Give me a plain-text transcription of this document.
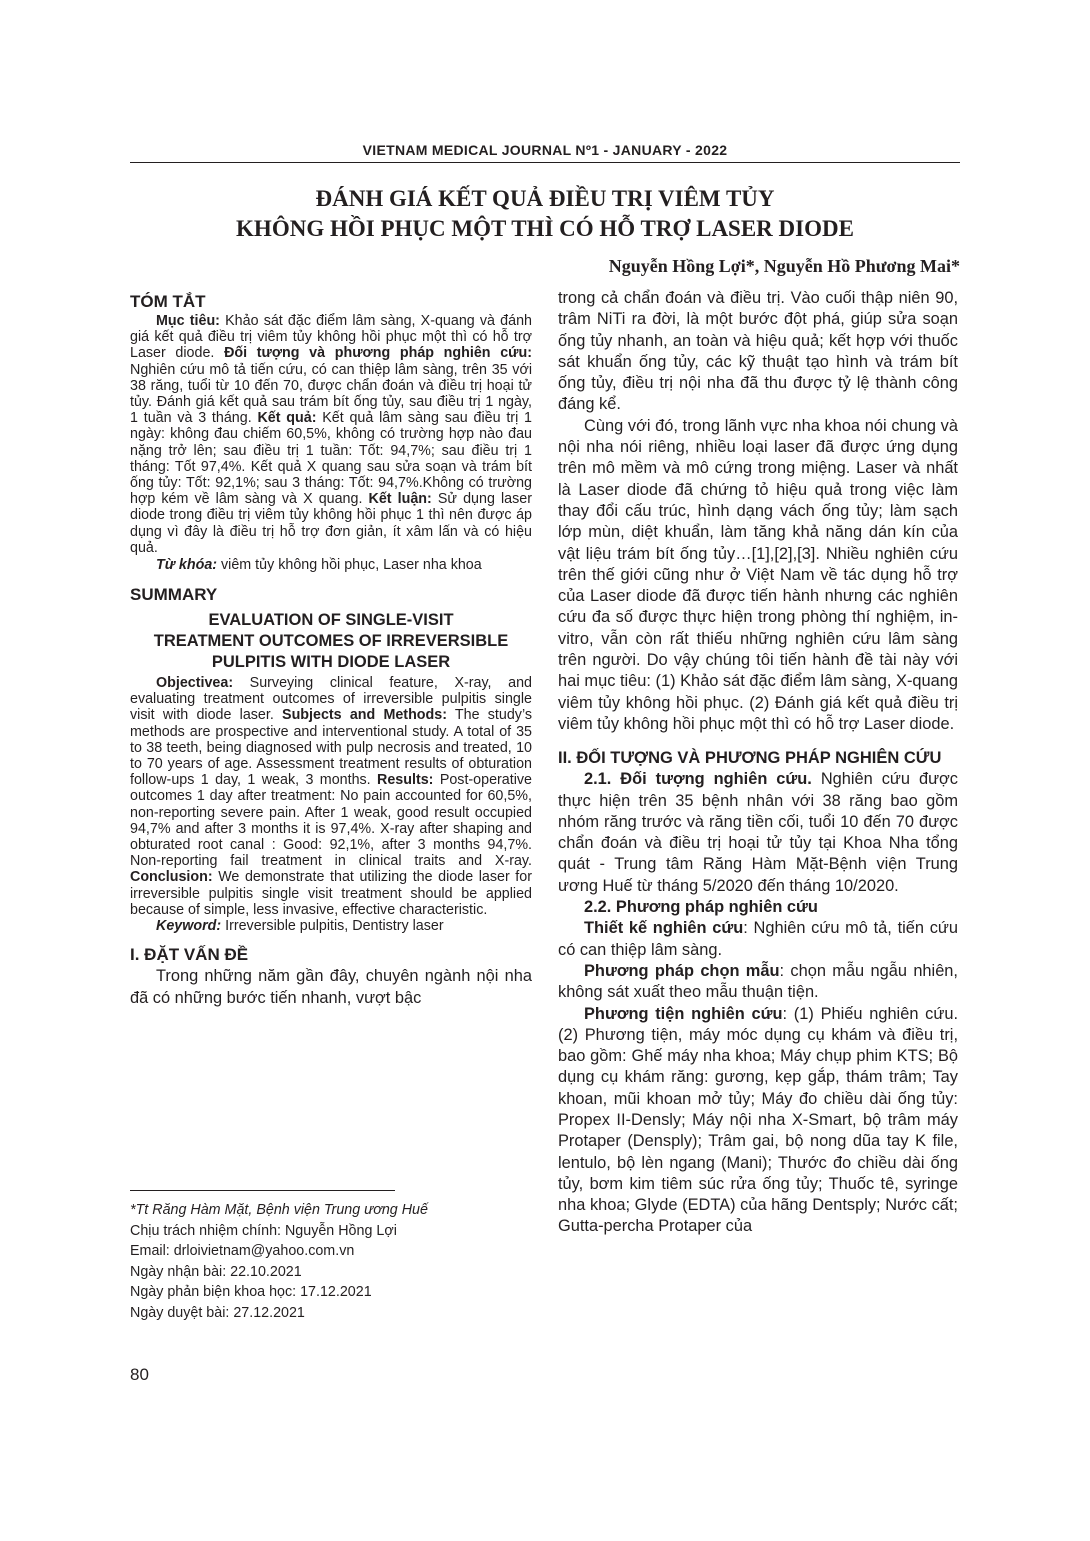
VIETNAM MEDICAL JOURNAL Nº1 - JANUARY - 2022
ĐÁNH GIÁ KẾT QUẢ ĐIỀU TRỊ VIÊM TỦY
KHÔNG HỒI PHỤC MỘT THÌ CÓ HỖ TRỢ LASER DIODE
Nguyễn Hồng Lợi*, Nguyễn Hồ Phương Mai*
TÓM TẮT

Mục tiêu: Khảo sát đặc điểm lâm sàng, X-quang và đánh giá kết quả điều trị viêm tủy không hồi phục một thì có hỗ trợ Laser diode. Đối tượng và phương pháp nghiên cứu: Nghiên cứu mô tả tiến cứu, có can thiệp lâm sàng, trên 35 với 38 răng, tuổi từ 10 đến 70, được chẩn đoán và điều trị hoại tử tủy. Đánh giá kết quả sau trám bít ống tủy, sau điều trị 1 ngày, 1 tuần và 3 tháng. Kết quả: Kết quả lâm sàng sau điều trị 1 ngày: không đau chiếm 60,5%, không có trường hợp nào đau nặng trở lên; sau điều trị 1 tuần: Tốt: 94,7%; sau điều trị 1 tháng: Tốt 97,4%. Kết quả X quang sau sửa soạn và trám bít ống tủy: Tốt: 92,1%; sau 3 tháng: Tốt: 94,7%.Không có trường hợp kém về lâm sàng và X quang. Kết luận: Sử dụng laser diode trong điều trị viêm tủy không hồi phục 1 thì nên được áp dụng vì đây là điều trị hỗ trợ đơn giản, ít xâm lấn và có hiệu quả.

Từ khóa: viêm tủy không hồi phục, Laser nha khoa

SUMMARY
EVALUATION OF SINGLE-VISIT
TREATMENT OUTCOMES OF IRREVERSIBLE
PULPITIS WITH DIODE LASER

Objectivea: Surveying clinical feature, X-ray, and evaluating treatment outcomes of irreversible pulpitis single visit with diode laser. Subjects and Methods: The study’s methods are prospective and interventional study. A total of 35 to 38 teeth, being diagnosed with pulp necrosis and treated, 10 to 70 years of age. Assessment treatment results of obturation follow-ups 1 day, 1 weak, 3 months. Results: Post-operative outcomes 1 day after treatment: No pain accounted for 60,5%, non-reporting severe pain. After 1 weak, good result occupied 94,7% and after 3 months it is 97,4%. X-ray after shaping and obturated root canal : Good: 92,1%, after 3 months 94,7%. Non-reporting fail treatment in clinical traits and X-ray. Conclusion: We demonstrate that utilizing the diode laser for irreversible pulpitis single visit treatment should be applied because of simple, less invasive, effective characteristic.

Keyword: Irreversible pulpitis, Dentistry laser

I. ĐẶT VẤN ĐỀ

Trong những năm gần đây, chuyên ngành nội nha đã có những bước tiến nhanh, vượt bậc

*Tt Răng Hàm Mặt, Bệnh viện Trung ương Huế
Chịu trách nhiệm chính: Nguyễn Hồng Lợi
Email: drloivietnam@yahoo.com.vn
Ngày nhận bài: 22.10.2021
Ngày phản biện khoa học: 17.12.2021
Ngày duyệt bài: 27.12.2021
80

trong cả chẩn đoán và điều trị. Vào cuối thập niên 90, trâm NiTi ra đời, là một bước đột phá, giúp sửa soạn ống tủy nhanh, an toàn và hiệu quả; kết hợp với thuốc sát khuẩn ống tủy, các kỹ thuật tạo hình và trám bít ống tủy, điều trị nội nha đã thu được tỷ lệ thành công đáng kể.

Cùng với đó, trong lãnh vực nha khoa nói chung và nội nha nói riêng, nhiều loại laser đã được ứng dụng trên mô mềm và mô cứng trong miệng. Laser và nhất là Laser diode đã chứng tỏ hiệu quả trong việc làm thay đổi cấu trúc, hình dạng vách ống tủy; làm sạch lớp mùn, diệt khuẩn, làm tăng khả năng dán kín của vật liệu trám bít ống tủy…[1],[2],[3]. Nhiều nghiên cứu trên thế giới cũng như ở Việt Nam về tác dụng hỗ trợ của Laser diode đã được tiến hành nhưng các nghiên cứu đa số được thực hiện trong phòng thí nghiệm, in-vitro, vẫn còn rất thiếu những nghiên cứu lâm sàng trên người. Do vậy chúng tôi tiến hành đề tài này với hai mục tiêu: (1) Khảo sát đặc điểm lâm sàng, X-quang viêm tủy không hồi phục. (2) Đánh giá kết quả điều trị viêm tủy không hồi phục một thì có hỗ trợ Laser diode.

II. ĐỐI TƯỢNG VÀ PHƯƠNG PHÁP NGHIÊN CỨU

2.1. Đối tượng nghiên cứu. Nghiên cứu được thực hiện trên 35 bệnh nhân với 38 răng bao gồm nhóm răng trước và răng tiền cối, tuổi 10 đến 70 được chẩn đoán và điều trị hoại tử tủy tại Khoa Nha tổng quát - Trung tâm Răng Hàm Mặt-Bệnh viện Trung ương Huế từ tháng 5/2020 đến tháng 10/2020.

2.2. Phương pháp nghiên cứu

Thiết kế nghiên cứu: Nghiên cứu mô tả, tiến cứu có can thiệp lâm sàng.

Phương pháp chọn mẫu: chọn mẫu ngẫu nhiên, không sát xuất theo mẫu thuận tiện.

Phương tiện nghiên cứu: (1) Phiếu nghiên cứu. (2) Phương tiện, máy móc dụng cụ khám và điều trị, bao gồm: Ghế máy nha khoa; Máy chụp phim KTS; Bộ dụng cụ khám răng: gương, kẹp gắp, thám trâm; Tay khoan, mũi khoan mở tủy; Máy đo chiều dài ống tủy: Propex II-Densly; Máy nội nha X-Smart, bộ trâm máy Protaper (Densply); Trâm gai, bộ nong dũa tay K file, lentulo, bộ lèn ngang (Mani); Thước đo chiều dài ống tủy, bơm kim tiêm súc rửa ống tủy; Thuốc tê, syringe nha khoa; Glyde (EDTA) của hãng Dentsply; Nước cất; Gutta-percha Protaper của
